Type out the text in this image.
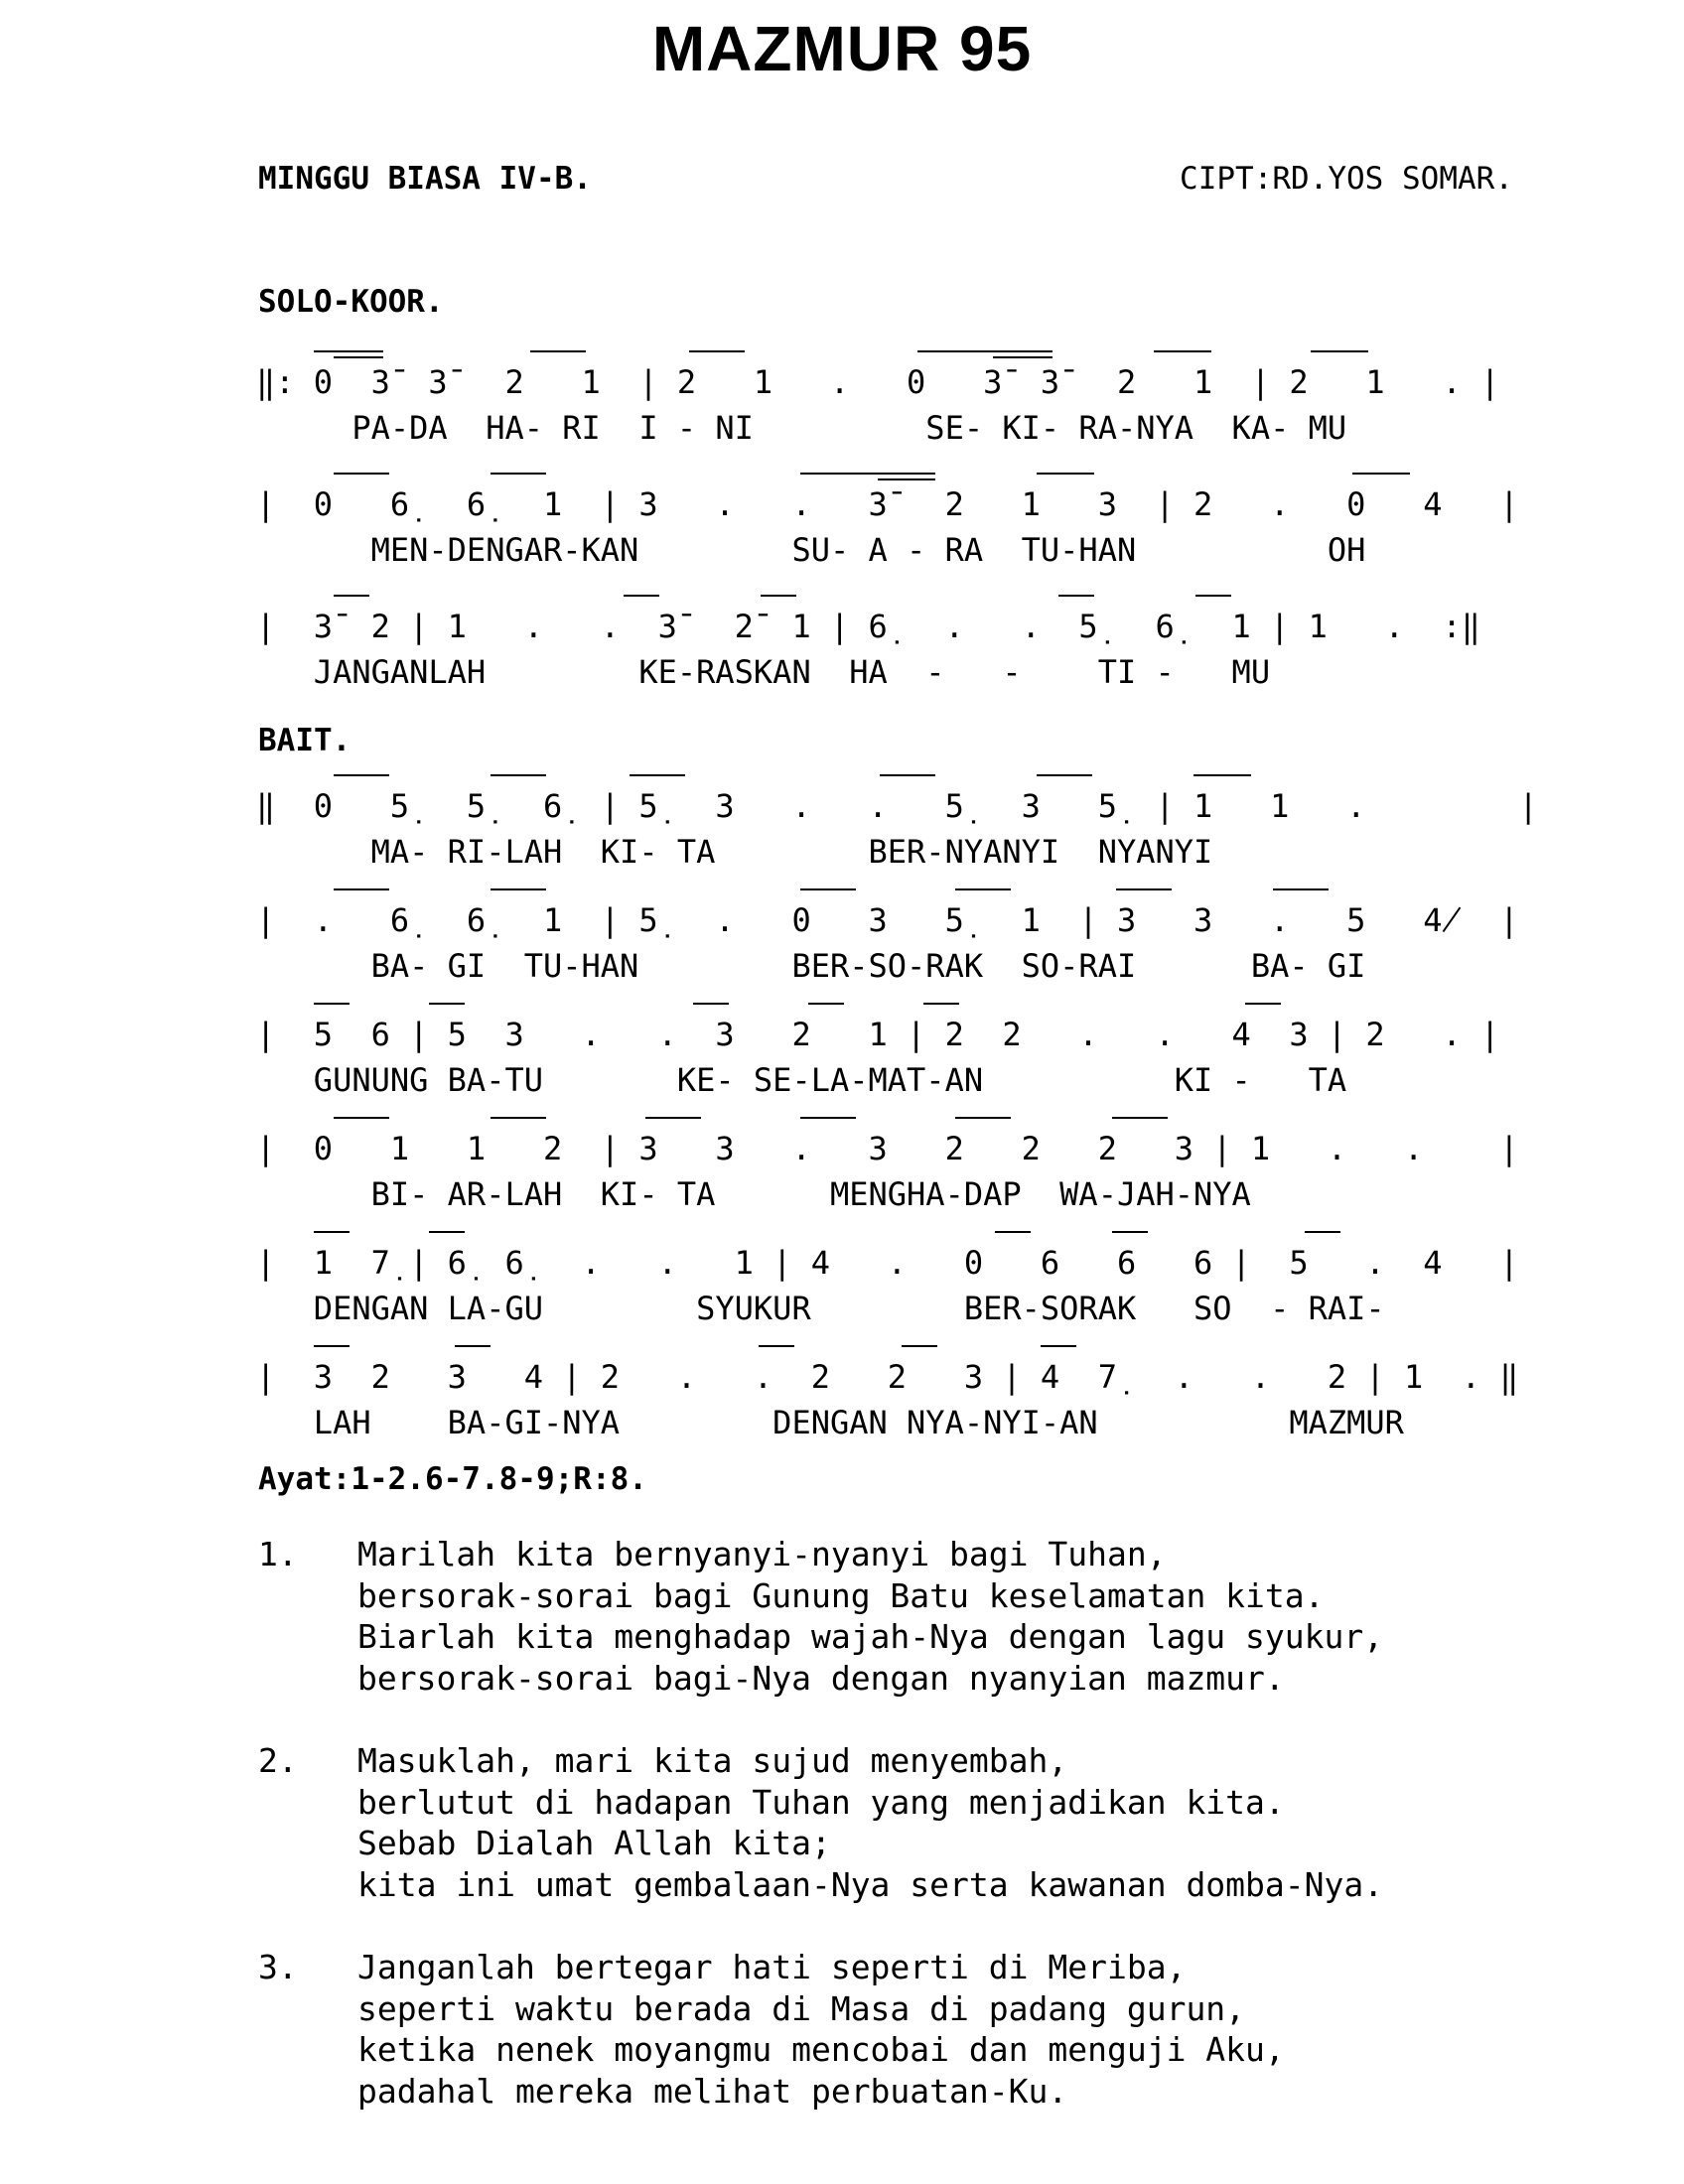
MAZMUR 95
MINGGU BIASA IV-B.	CIPT:RD.YOS SOMAR.
SOLO-KOOR.
‖: 0  3̄  3̄   2   1  | 2   1   .   0   3̄  3̄   2   1  | 2   1   . |
PA-DA  HA- RI  I - NI         SE- KI- RA-NYA  KA- MU
|  0   6̣   6̣   1  | 3   .   .   3̄   2   1   3  | 2   .   0   4   |
MEN-DENGAR-KAN        SU- A - RA  TU-HAN          OH
|  3̄  2 | 1   .   .  3̄   2̄  1 | 6̣   .   .  5̣   6̣   1 | 1   .  :‖
JANGANLAH        KE-RASKAN  HA  -   -    TI -   MU
BAIT.
‖  0   5̣   5̣   6̣  | 5̣   3   .   .   5̣   3   5̣  | 1   1   .        |
MA- RI-LAH  KI- TA        BER-NYANYI  NYANYI
|  .   6̣   6̣   1  | 5̣   .   0   3   5̣   1  | 3   3   .   5   4̸  |
BA- GI  TU-HAN        BER-SO-RAK  SO-RAI      BA- GI
|  5  6 | 5  3   .   .  3   2   1 | 2  2   .   .   4  3 | 2   . |
GUNUNG BA-TU       KE- SE-LA-MAT-AN          KI -   TA
|  0   1   1   2  | 3   3   .   3   2   2   2   3 | 1   .   .    |
BI- AR-LAH  KI- TA      MENGHA-DAP  WA-JAH-NYA
|  1  7̣ | 6̣  6̣   .   .   1 | 4   .   0   6   6   6 |  5   .  4   |
DENGAN LA-GU        SYUKUR        BER-SORAK   SO  - RAI-
|  3  2   3   4 | 2   .   .  2   2   3 | 4  7̣   .   .   2 | 1  . ‖
LAH    BA-GI-NYA        DENGAN NYA-NYI-AN          MAZMUR
Ayat:1-2.6-7.8-9;R:8.
1. Marilah kita bernyanyi-nyanyi bagi Tuhan,
bersorak-sorai bagi Gunung Batu keselamatan kita.
Biarlah kita menghadap wajah-Nya dengan lagu syukur,
bersorak-sorai bagi-Nya dengan nyanyian mazmur.
2. Masuklah, mari kita sujud menyembah,
berlutut di hadapan Tuhan yang menjadikan kita.
Sebab Dialah Allah kita;
kita ini umat gembalaan-Nya serta kawanan domba-Nya.
3. Janganlah bertegar hati seperti di Meriba,
seperti waktu berada di Masa di padang gurun,
ketika nenek moyangmu mencobai dan menguji Aku,
padahal mereka melihat perbuatan-Ku.
